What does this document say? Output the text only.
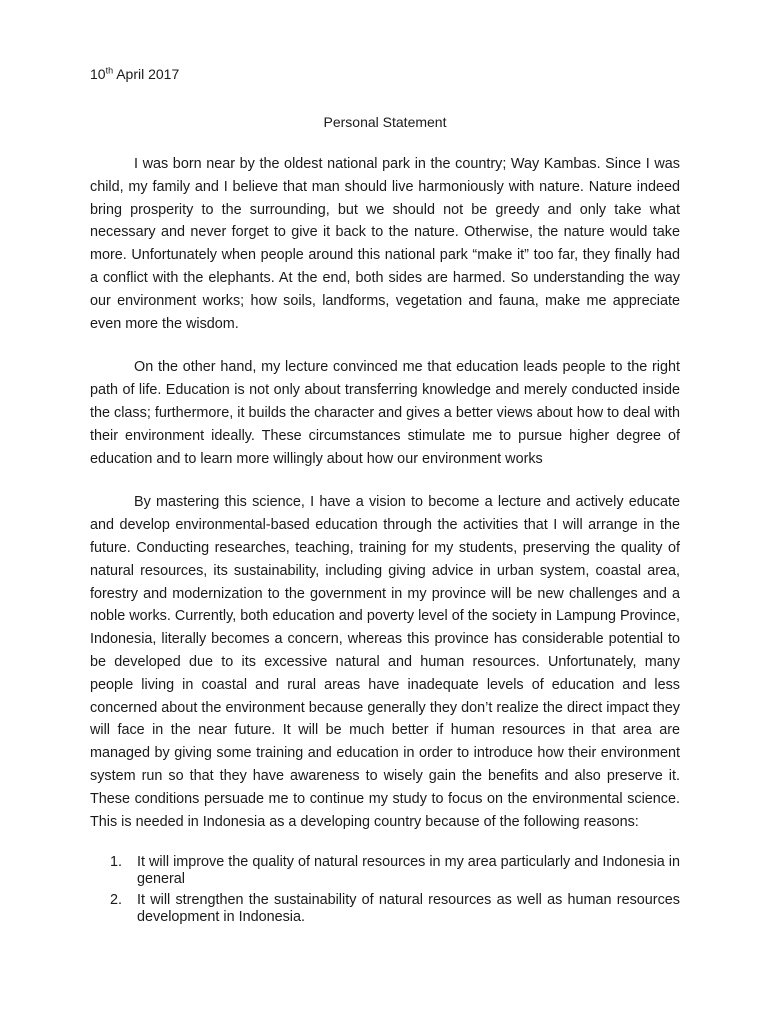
10th April 2017
Personal Statement

I was born near by the oldest national park in the country; Way Kambas. Since I was child, my family and I believe that man should live harmoniously with nature. Nature indeed bring prosperity to the surrounding, but we should not be greedy and only take what necessary and never forget to give it back to the nature. Otherwise, the nature would take more. Unfortunately when people around this national park “make it” too far, they finally had a conflict with the elephants. At the end, both sides are harmed. So understanding the way our environment works; how soils, landforms, vegetation and fauna, make me appreciate even more the wisdom.

On the other hand, my lecture convinced me that education leads people to the right path of life. Education is not only about transferring knowledge and merely conducted inside the class; furthermore, it builds the character and gives a better views about how to deal with their environment ideally. These circumstances stimulate me to pursue higher degree of education and to learn more willingly about how our environment works

By mastering this science, I have a vision to become a lecture and actively educate and develop environmental-based education through the activities that I will arrange in the future. Conducting researches, teaching, training for my students, preserving the quality of natural resources, its sustainability, including giving advice in urban system, coastal area, forestry and modernization to the government in my province will be new challenges and a noble works. Currently, both education and poverty level of the society in Lampung Province, Indonesia, literally becomes a concern, whereas this province has considerable potential to be developed due to its excessive natural and human resources. Unfortunately, many people living in coastal and rural areas have inadequate levels of education and less concerned about the environment because generally they don’t realize the direct impact they will face in the near future. It will be much better if human resources in that area are managed by giving some training and education in order to introduce how their environment system run so that they have awareness to wisely gain the benefits and also preserve it. These conditions persuade me to continue my study to focus on the environmental science. This is needed in Indonesia as a developing country because of the following reasons:

1.	It will improve the quality of natural resources in my area particularly and Indonesia in general
2.	It will strengthen the sustainability of natural resources as well as human resources development in Indonesia.
